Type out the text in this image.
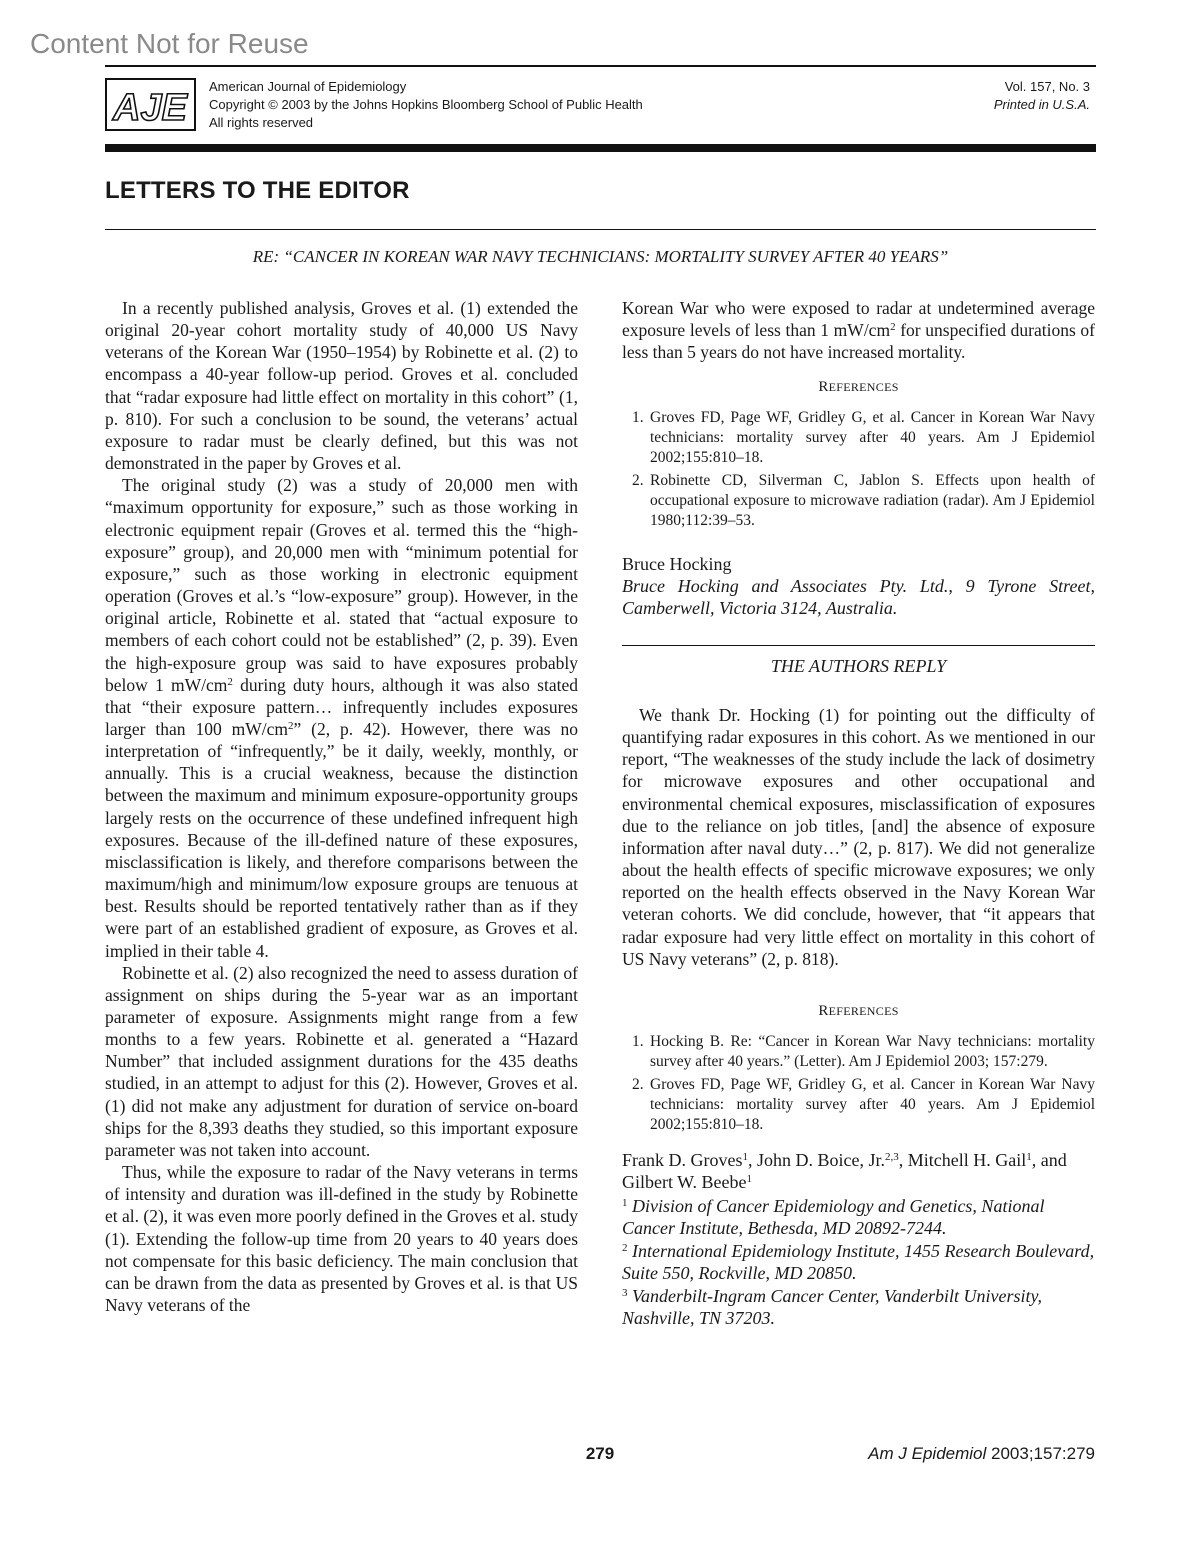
Content Not for Reuse
AJE
American Journal of Epidemiology
Copyright © 2003 by the Johns Hopkins Bloomberg School of Public Health
All rights reserved
Vol. 157, No. 3
Printed in U.S.A.
LETTERS TO THE EDITOR
RE: “CANCER IN KOREAN WAR NAVY TECHNICIANS: MORTALITY SURVEY AFTER 40 YEARS”

In a recently published analysis, Groves et al. (1) extended the original 20-year cohort mortality study of 40,000 US Navy veterans of the Korean War (1950–1954) by Robinette et al. (2) to encompass a 40-year follow-up period. Groves et al. concluded that “radar exposure had little effect on mortality in this cohort” (1, p. 810). For such a conclusion to be sound, the veterans’ actual exposure to radar must be clearly defined, but this was not demonstrated in the paper by Groves et al.

The original study (2) was a study of 20,000 men with “maximum opportunity for exposure,” such as those working in electronic equipment repair (Groves et al. termed this the “high-exposure” group), and 20,000 men with “minimum potential for exposure,” such as those working in electronic equipment operation (Groves et al.’s “low-exposure” group). However, in the original article, Robinette et al. stated that “actual exposure to members of each cohort could not be established” (2, p. 39). Even the high-exposure group was said to have exposures probably below 1 $mW/cm^2$ during duty hours, although it was also stated that “their exposure pattern… infrequently includes exposures larger than 100 $mW/cm^2$” (2, p. 42). However, there was no interpretation of “infrequently,” be it daily, weekly, monthly, or annually. This is a crucial weakness, because the distinction between the maximum and minimum exposure-opportunity groups largely rests on the occurrence of these undefined infrequent high exposures. Because of the ill-defined nature of these exposures, misclassification is likely, and therefore comparisons between the maximum/high and minimum/low exposure groups are tenuous at best. Results should be reported tentatively rather than as if they were part of an established gradient of exposure, as Groves et al. implied in their table 4.

Robinette et al. (2) also recognized the need to assess duration of assignment on ships during the 5-year war as an important parameter of exposure. Assignments might range from a few months to a few years. Robinette et al. generated a “Hazard Number” that included assignment durations for the 435 deaths studied, in an attempt to adjust for this (2). However, Groves et al. (1) did not make any adjustment for duration of service on-board ships for the 8,393 deaths they studied, so this important exposure parameter was not taken into account.

Thus, while the exposure to radar of the Navy veterans in terms of intensity and duration was ill-defined in the study by Robinette et al. (2), it was even more poorly defined in the Groves et al. study (1). Extending the follow-up time from 20 years to 40 years does not compensate for this basic deficiency. The main conclusion that can be drawn from the data as presented by Groves et al. is that US Navy veterans of the

Korean War who were exposed to radar at undetermined average exposure levels of less than 1 $mW/cm^2$ for unspecified durations of less than 5 years do not have increased mortality.

REFERENCES
1. Groves FD, Page WF, Gridley G, et al. Cancer in Korean War Navy technicians: mortality survey after 40 years. Am J Epidemiol 2002;155:810–18.
2. Robinette CD, Silverman C, Jablon S. Effects upon health of occupational exposure to microwave radiation (radar). Am J Epidemiol 1980;112:39–53.
Bruce Hocking
Bruce Hocking and Associates Pty. Ltd., 9 Tyrone Street, Camberwell, Victoria 3124, Australia.
THE AUTHORS REPLY

We thank Dr. Hocking (1) for pointing out the difficulty of quantifying radar exposures in this cohort. As we mentioned in our report, “The weaknesses of the study include the lack of dosimetry for microwave exposures and other occupational and environmental chemical exposures, misclassification of exposures due to the reliance on job titles, [and] the absence of exposure information after naval duty…” (2, p. 817). We did not generalize about the health effects of specific microwave exposures; we only reported on the health effects observed in the Navy Korean War veteran cohorts. We did conclude, however, that “it appears that radar exposure had very little effect on mortality in this cohort of US Navy veterans” (2, p. 818).

REFERENCES
1. Hocking B. Re: “Cancer in Korean War Navy technicians: mortality survey after 40 years.” (Letter). Am J Epidemiol 2003; 157:279.
2. Groves FD, Page WF, Gridley G, et al. Cancer in Korean War Navy technicians: mortality survey after 40 years. Am J Epidemiol 2002;155:810–18.
Frank D. Groves$^1$, John D. Boice, Jr.$^{2,3}$, Mitchell H. Gail$^1$, and Gilbert W. Beebe$^1$
$^1$ Division of Cancer Epidemiology and Genetics, National Cancer Institute, Bethesda, MD 20892-7244.
$^2$ International Epidemiology Institute, 1455 Research Boulevard, Suite 550, Rockville, MD 20850.
$^3$ Vanderbilt-Ingram Cancer Center, Vanderbilt University, Nashville, TN 37203.
279	Am J Epidemiol 2003;157:279
